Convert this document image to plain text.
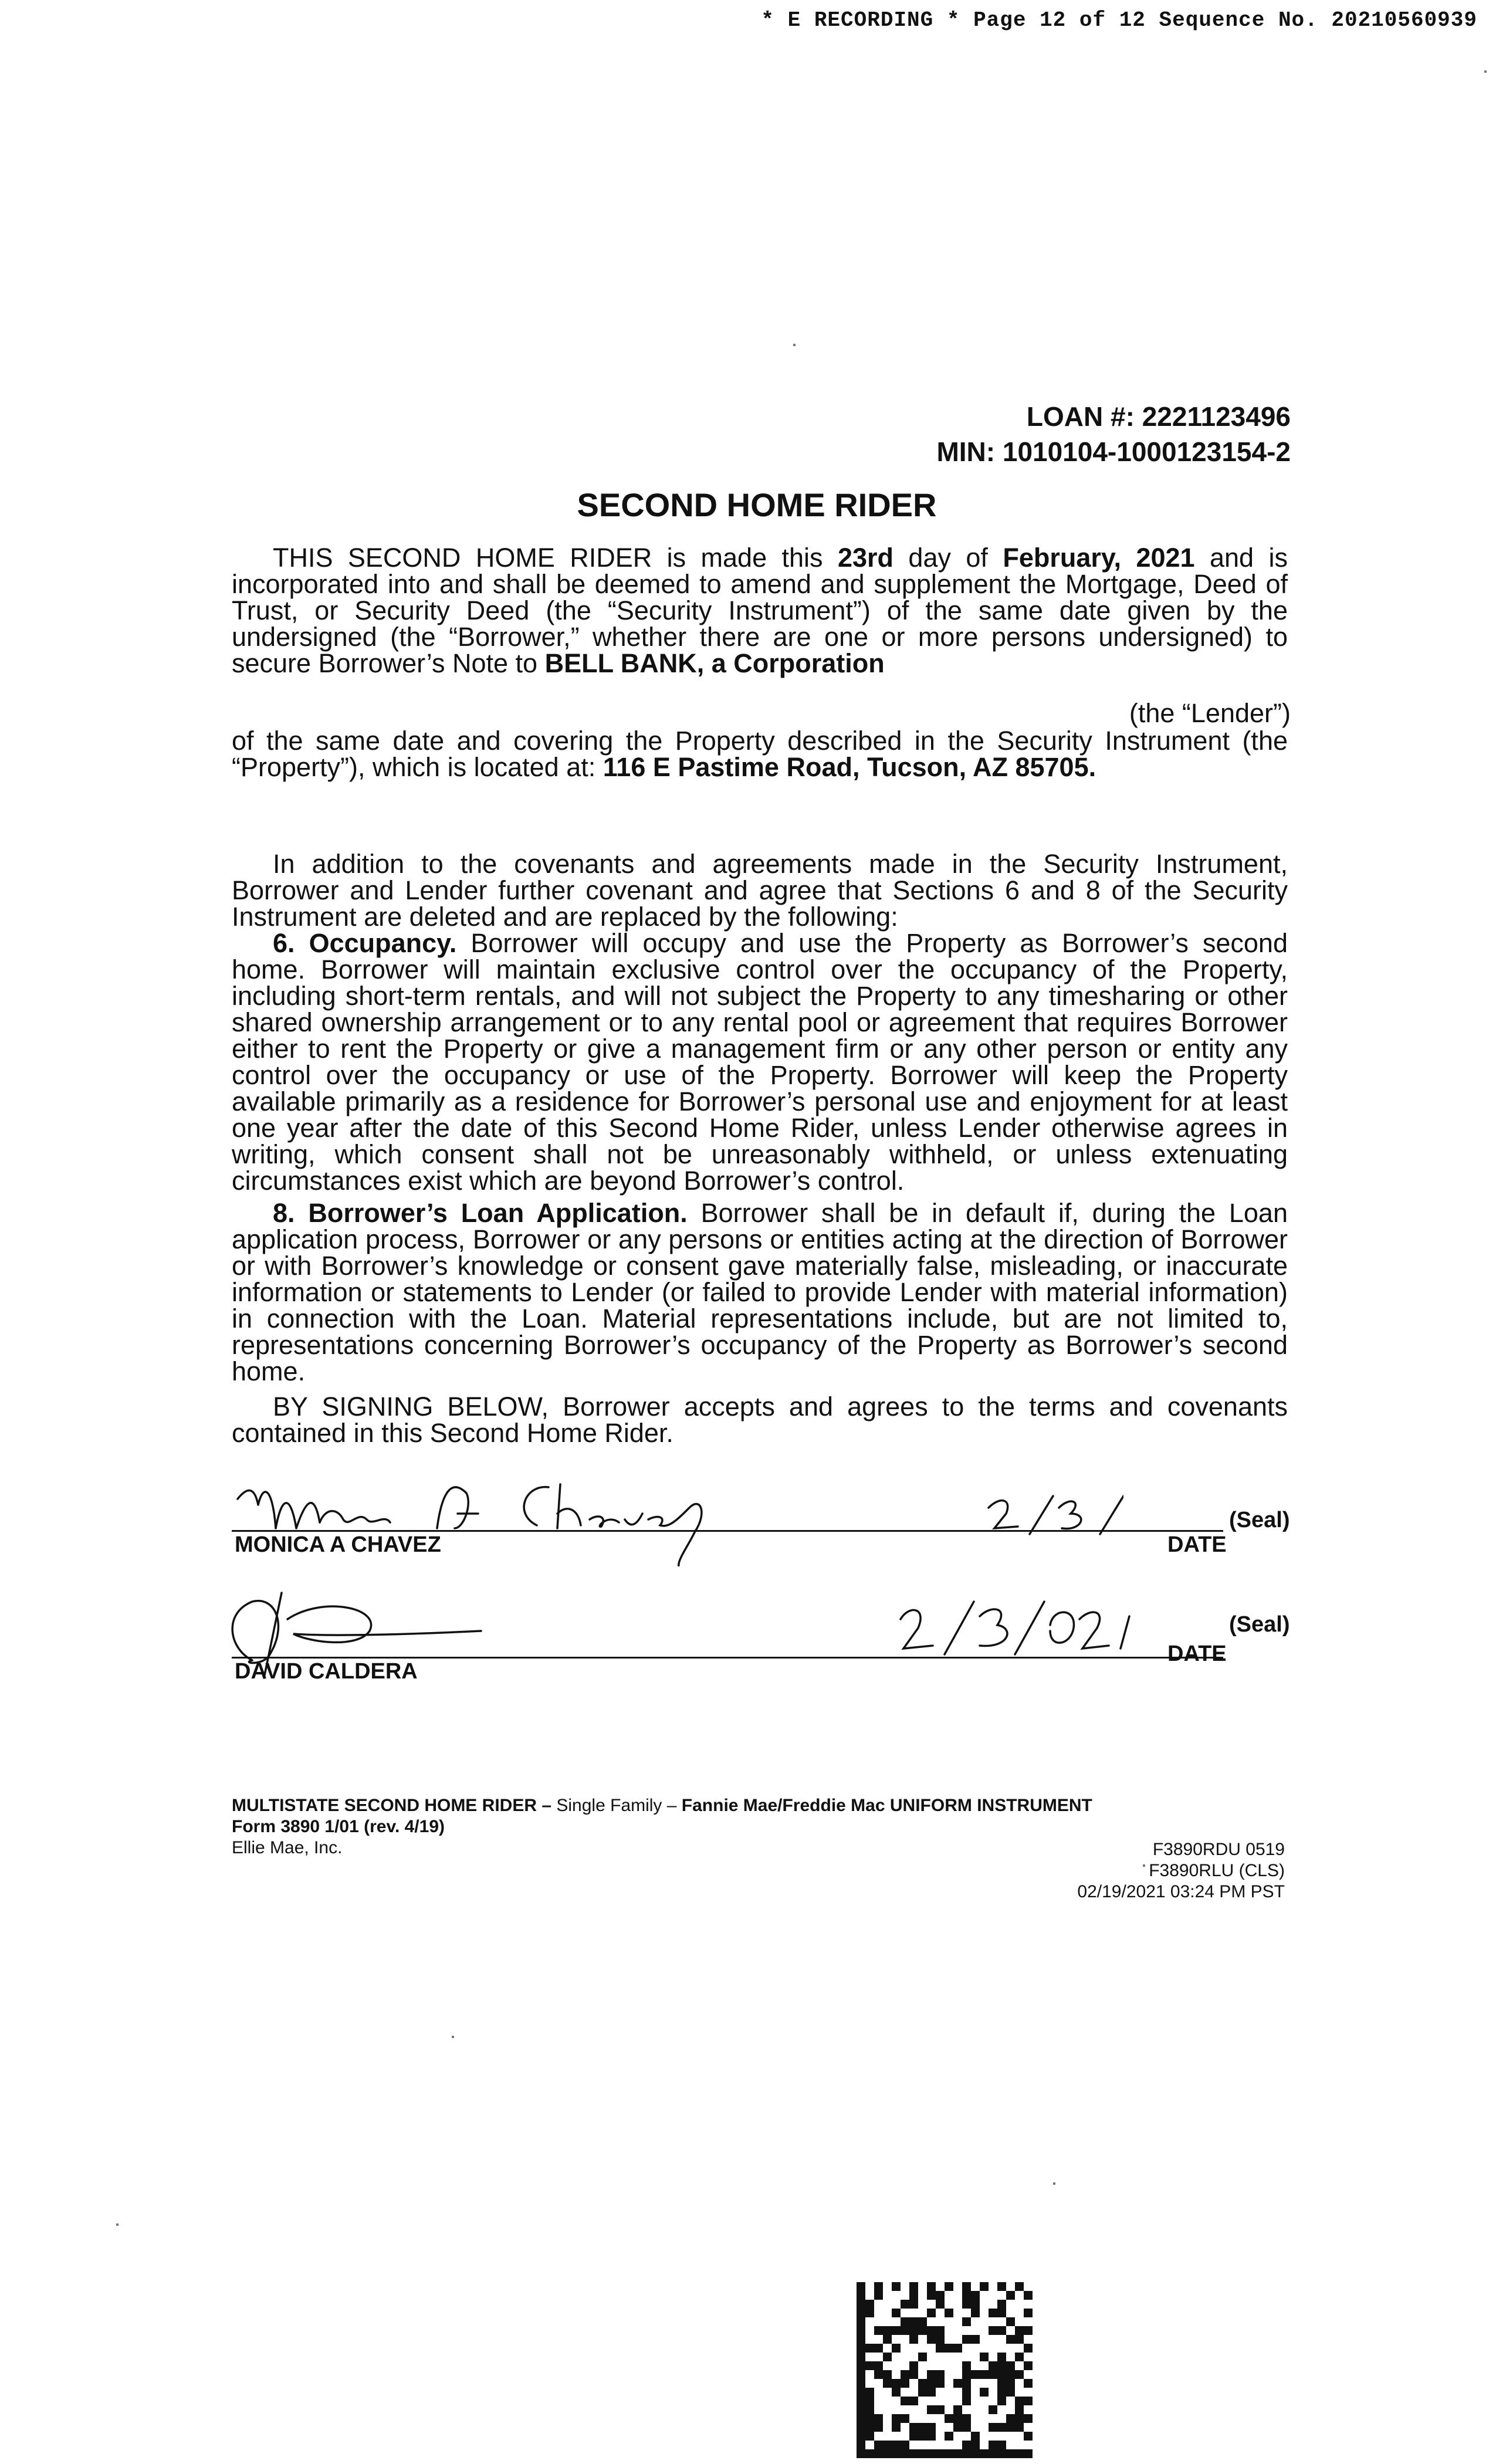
* E RECORDING * Page 12 of 12 Sequence No. 20210560939
LOAN #: 2221123496
MIN: 1010104-1000123154-2
SECOND HOME RIDER
THIS SECOND HOME RIDER is made this 23rd day of February, 2021 and is incorporated into and shall be deemed to amend and supplement the Mortgage, Deed of Trust, or Security Deed (the “Security Instrument”) of the same date given by the undersigned (the “Borrower,” whether there are one or more persons undersigned) to secure Borrower’s Note to BELL BANK, a Corporation
(the “Lender”)
of the same date and covering the Property described in the Security Instrument (the “Property”), which is located at: 116 E Pastime Road, Tucson, AZ 85705.
In addition to the covenants and agreements made in the Security Instrument, Borrower and Lender further covenant and agree that Sections 6 and 8 of the Security Instrument are deleted and are replaced by the following:
6. Occupancy. Borrower will occupy and use the Property as Borrower’s second home. Borrower will maintain exclusive control over the occupancy of the Property, including short-term rentals, and will not subject the Property to any timesharing or other shared ownership arrangement or to any rental pool or agreement that requires Borrower either to rent the Property or give a management firm or any other person or entity any control over the occupancy or use of the Property. Borrower will keep the Property available primarily as a residence for Borrower’s personal use and enjoyment for at least one year after the date of this Second Home Rider, unless Lender otherwise agrees in writing, which consent shall not be unreasonably withheld, or unless extenuating circumstances exist which are beyond Borrower’s control.
8. Borrower’s Loan Application. Borrower shall be in default if, during the Loan application process, Borrower or any persons or entities acting at the direction of Borrower or with Borrower’s knowledge or consent gave materially false, misleading, or inaccurate information or statements to Lender (or failed to provide Lender with material information) in connection with the Loan. Material representations include, but are not limited to, representations concerning Borrower’s occupancy of the Property as Borrower’s second home.
BY SIGNING BELOW, Borrower accepts and agrees to the terms and covenants contained in this Second Home Rider.
MONICA A CHAVEZ	DATE
(Seal)
DAVID CALDERA
DATE
(Seal)
MULTISTATE SECOND HOME RIDER – Single Family – Fannie Mae/Freddie Mac UNIFORM INSTRUMENT
Form 3890 1/01 (rev. 4/19)
Ellie Mae, Inc.	F3890RDU 0519
F3890RLU (CLS)
02/19/2021 03:24 PM PST
